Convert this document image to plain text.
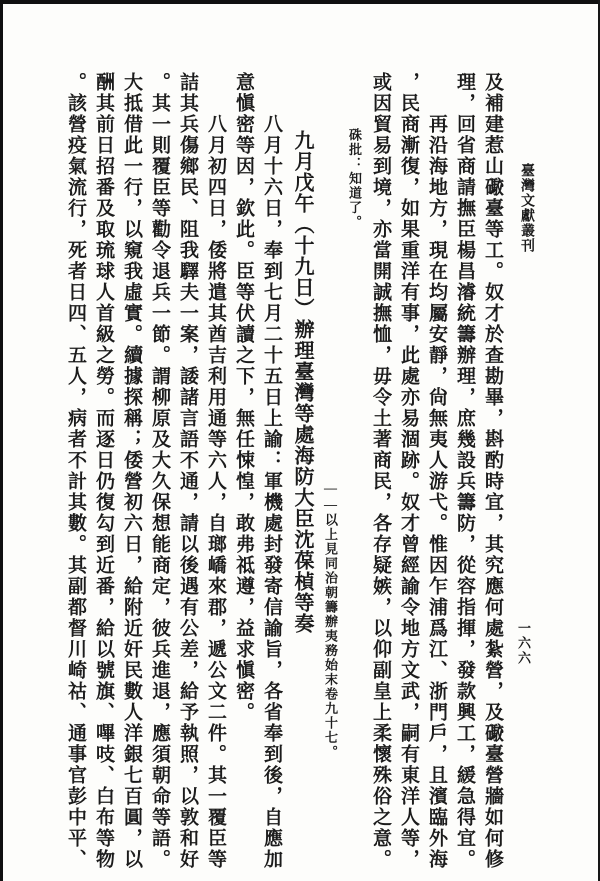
臺灣文獻叢刊
一六六
及補建惹山礮臺等工。奴才於查勘畢，斟酌時宜，其究應何處紮營，及礮臺營牆如何修
理，回省商請撫臣楊昌濬統籌辦理，庶幾設兵籌防，從容指揮，發款興工，緩急得宜。
再沿海地方，現在均屬安靜，尙無夷人游弋。惟因乍浦爲江、浙門戶，且濱臨外海
，民商漸復，如果重洋有事，此處亦易涸跡。奴才曾經諭令地方文武，嗣有東洋人等，
或因貿易到境，亦當開誠撫恤，毋令土著商民，各存疑嫉，以仰副皇上柔懷殊俗之意。
硃批：知道了。
——以上見同治朝籌辦夷務始末卷九十七。
九月戊午（十九日）辦理臺灣等處海防大臣沈葆楨等奏
八月十六日，奉到七月二十五日上諭：軍機處封發寄信諭旨，各省奉到後，自應加
意愼密等因，欽此。臣等伏讀之下，無任悚惶，敢弗祗遵，益求愼密。
八月初四日，倭將遣其酋吉利用通等六人，自瑯嶠來郡，遞公文二件。其一覆臣等
詰其兵傷鄉民、阻我驛夫一案，諉諸言語不通，請以後遇有公差，給予執照，以敦和好
。其一則覆臣等勸令退兵一節。謂柳原及大久保想能商定，彼兵進退，應須朝命等語。
大抵借此一行，以窺我虛實。續據探稱；倭營初六日，給附近奸民數人洋銀七百圓，以
酬其前日招番及取琉球人首級之勞。而逐日仍復勾到近番，給以號旗、嗶吱、白布等物
。該營疫氣流行，死者日四、五人，病者不計其數。其副都督川崎祜、通事官彭中平、
